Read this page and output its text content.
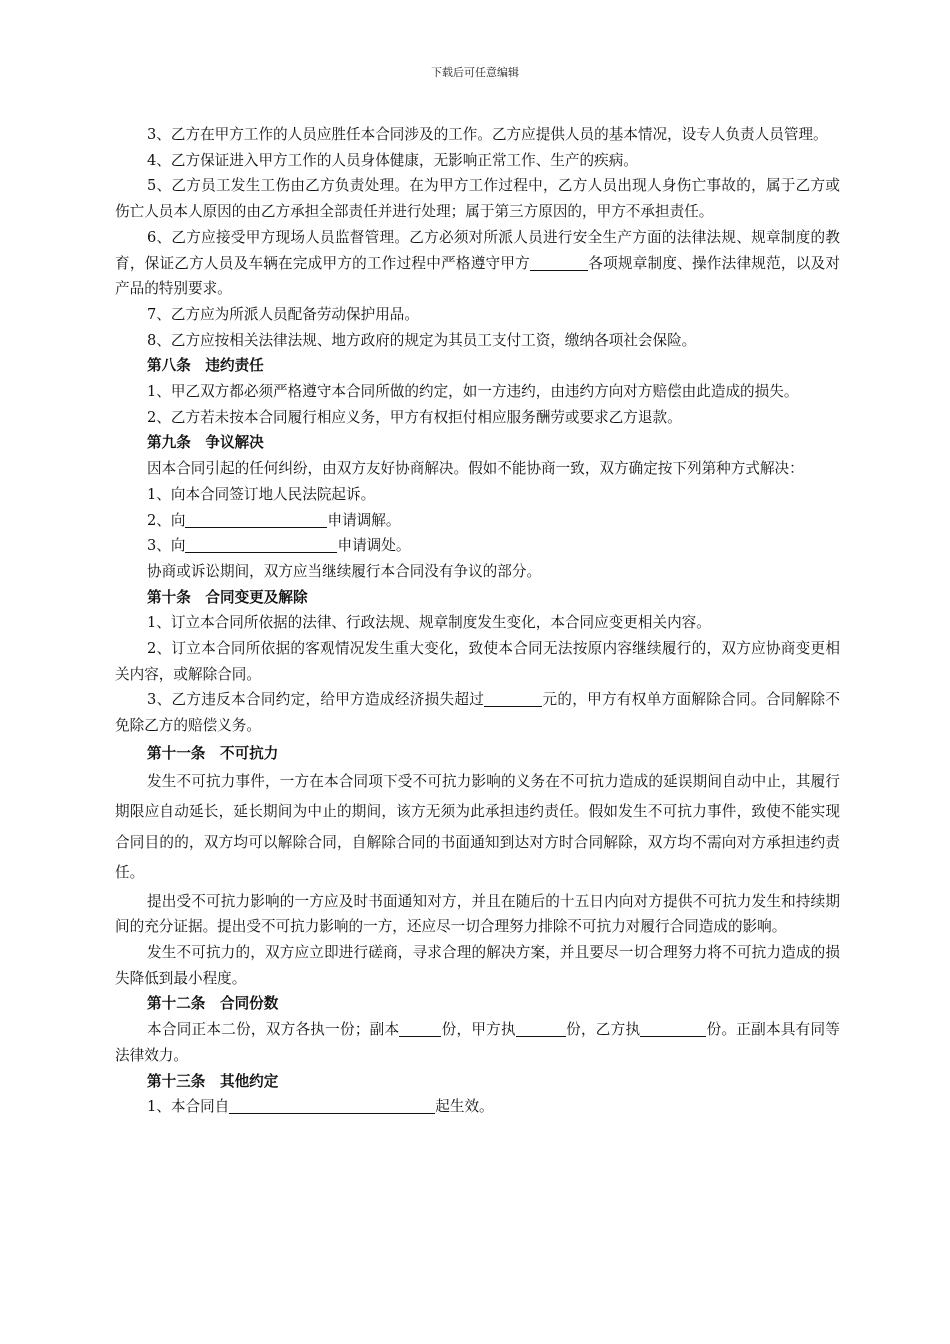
下载后可任意编辑

3、乙方在甲方工作的人员应胜任本合同涉及的工作。乙方应提供人员的基本情况，设专人负责人员管理。

4、乙方保证进入甲方工作的人员身体健康，无影响正常工作、生产的疾病。

5、乙方员工发生工伤由乙方负责处理。在为甲方工作过程中，乙方人员出现人身伤亡事故的，属于乙方或伤亡人员本人原因的由乙方承担全部责任并进行处理；属于第三方原因的，甲方不承担责任。

6、乙方应接受甲方现场人员监督管理。乙方必须对所派人员进行安全生产方面的法律法规、规章制度的教育，保证乙方人员及车辆在完成甲方的工作过程中严格遵守甲方	各项规章制度、操作法律规范，以及对产品的特别要求。

7、乙方应为所派人员配备劳动保护用品。

8、乙方应按相关法律法规、地方政府的规定为其员工支付工资，缴纳各项社会保险。

第八条　违约责任

1、甲乙双方都必须严格遵守本合同所做的约定，如一方违约，由违约方向对方赔偿由此造成的损失。

2、乙方若未按本合同履行相应义务，甲方有权拒付相应服务酬劳或要求乙方退款。

第九条　争议解决

因本合同引起的任何纠纷，由双方友好协商解决。假如不能协商一致，双方确定按下列第种方式解决：

1、向本合同签订地人民法院起诉。

2、向	申请调解。

3、向	申请调处。

协商或诉讼期间，双方应当继续履行本合同没有争议的部分。

第十条　合同变更及解除

1、订立本合同所依据的法律、行政法规、规章制度发生变化，本合同应变更相关内容。

2、订立本合同所依据的客观情况发生重大变化，致使本合同无法按原内容继续履行的，双方应协商变更相关内容，或解除合同。

3、乙方违反本合同约定，给甲方造成经济损失超过	元的，甲方有权单方面解除合同。合同解除不免除乙方的赔偿义务。

第十一条　不可抗力

发生不可抗力事件，一方在本合同项下受不可抗力影响的义务在不可抗力造成的延误期间自动中止，其履行期限应自动延长，延长期间为中止的期间，该方无须为此承担违约责任。假如发生不可抗力事件，致使不能实现合同目的的，双方均可以解除合同，自解除合同的书面通知到达对方时合同解除，双方均不需向对方承担违约责任。

提出受不可抗力影响的一方应及时书面通知对方，并且在随后的十五日内向对方提供不可抗力发生和持续期间的充分证据。提出受不可抗力影响的一方，还应尽一切合理努力排除不可抗力对履行合同造成的影响。

发生不可抗力的，双方应立即进行磋商，寻求合理的解决方案，并且要尽一切合理努力将不可抗力造成的损失降低到最小程度。

第十二条　合同份数

本合同正本二份，双方各执一份；副本	份，甲方执	份，乙方执	份。正副本具有同等法律效力。

第十三条　其他约定

1、本合同自	起生效。
